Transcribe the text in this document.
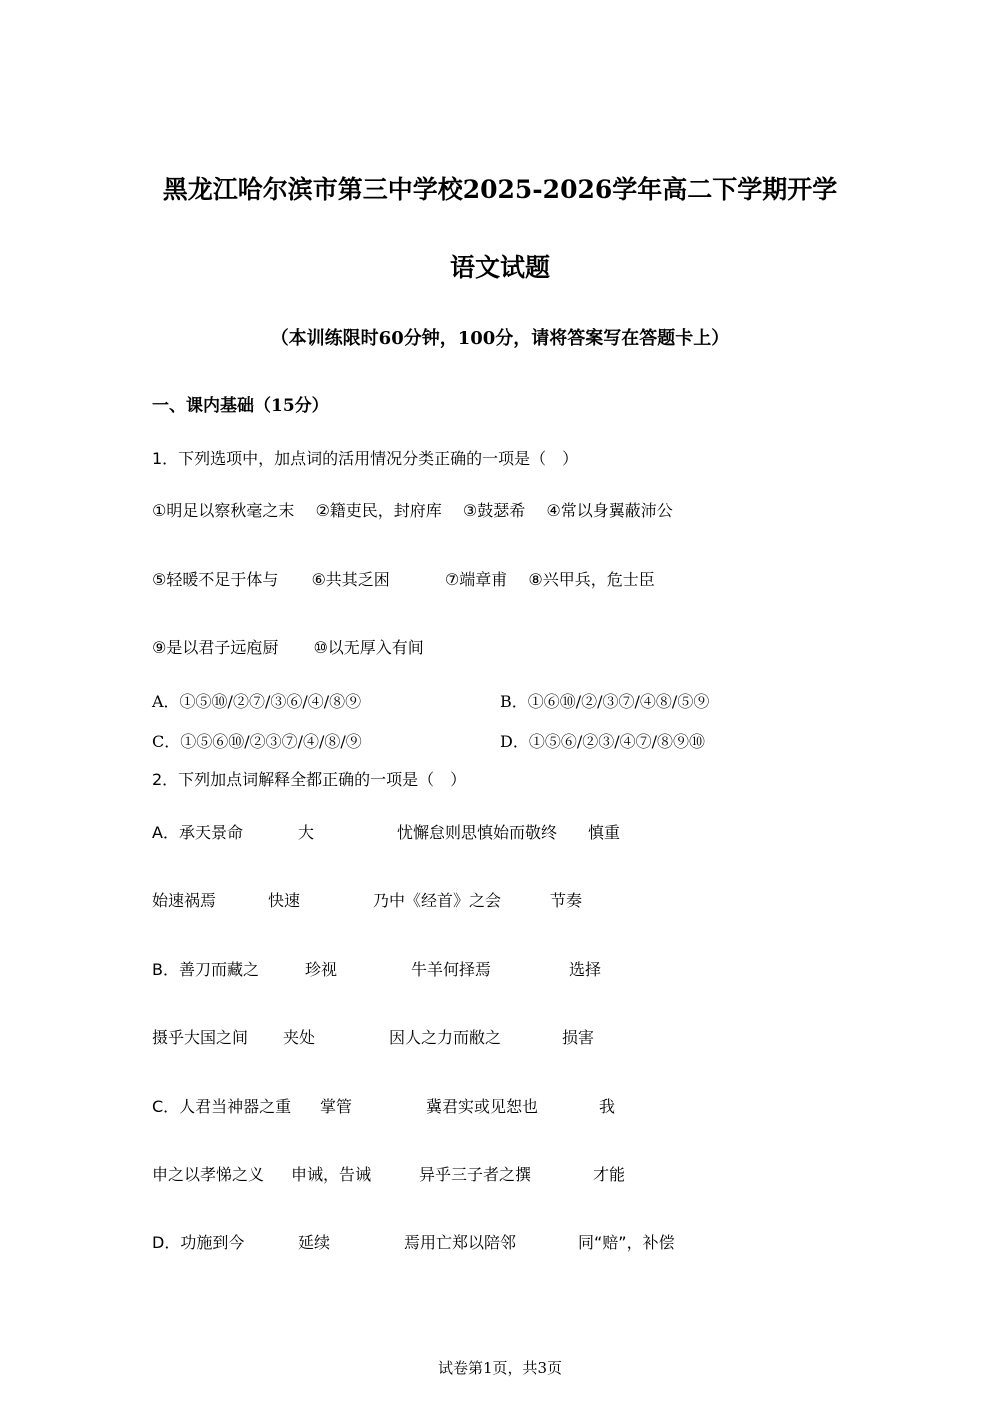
黑龙江哈尔滨市第三中学校2025-2026学年高二下学期开学
语文试题
（本训练限时60分钟，100分，请将答案写在答题卡上）
一、课内基础（15分）
1．下列选项中，加点词的活用情况分类正确的一项是（　）
①明足以察秋毫之末 ②籍吏民，封府库 ③鼓瑟希 ④常以身翼蔽沛公
⑤轻暖不足于体与 ⑥共其乏困	⑦端章甫 ⑧兴甲兵，危士臣
⑨是以君子远庖厨 ⑩以无厚入有间
A．①⑤⑩/②⑦/③⑥/④/⑧⑨	B．①⑥⑩/②/③⑦/④⑧/⑤⑨
C．①⑤⑥⑩/②③⑦/④/⑧/⑨	D．①⑤⑥/②③/④⑦/⑧⑨⑩
2．下列加点词解释全都正确的一项是（　）
A．承天景命	大	忧懈怠则思慎始而敬终 慎重
始速祸焉	快速	乃中《经首》之会	节奏
B．善刀而藏之	珍视	牛羊何择焉	选择
摄乎大国之间 夹处	因人之力而敝之	损害
C．人君当神器之重 掌管	冀君实或见恕也	我
申之以孝悌之义 申诫，告诫	异乎三子者之撰	才能
D．功施到今	延续	焉用亡郑以陪邻	同“赔”，补偿
试卷第1页，共3页
